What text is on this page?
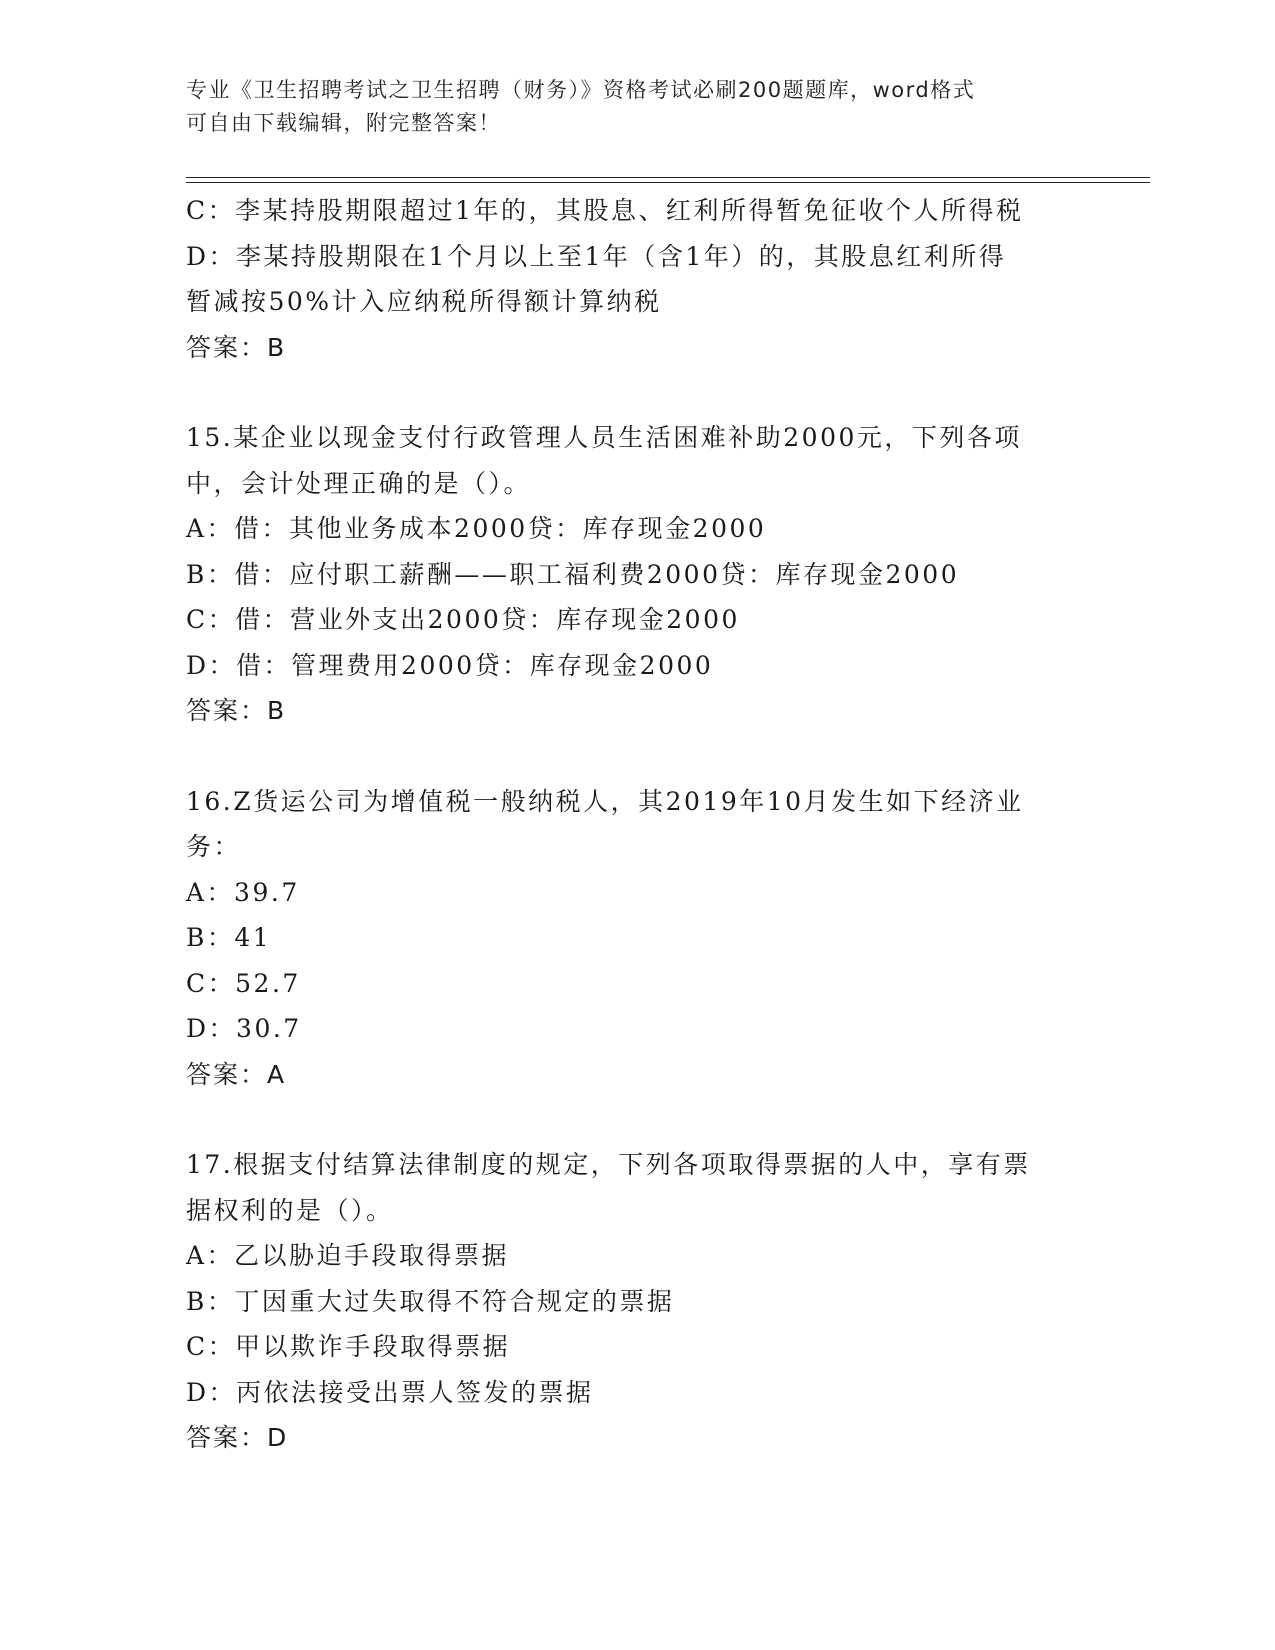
专业《卫生招聘考试之卫生招聘（财务）》资格考试必刷200题题库，word格式
可自由下载编辑，附完整答案！
C：李某持股期限超过1年的，其股息、红利所得暂免征收个人所得税
D：李某持股期限在1个月以上至1年（含1年）的，其股息红利所得
暂减按50%计入应纳税所得额计算纳税
答案：B
15.某企业以现金支付行政管理人员生活困难补助2000元，下列各项
中，会计处理正确的是（）。
A：借：其他业务成本2000贷：库存现金2000
B：借：应付职工薪酬——职工福利费2000贷：库存现金2000
C：借：营业外支出2000贷：库存现金2000
D：借：管理费用2000贷：库存现金2000
答案：B
16.Z货运公司为增值税一般纳税人，其2019年10月发生如下经济业
务：
A：39.7
B：41
C：52.7
D：30.7
答案：A
17.根据支付结算法律制度的规定，下列各项取得票据的人中，享有票
据权利的是（）。
A：乙以胁迫手段取得票据
B：丁因重大过失取得不符合规定的票据
C：甲以欺诈手段取得票据
D：丙依法接受出票人签发的票据
答案：D
